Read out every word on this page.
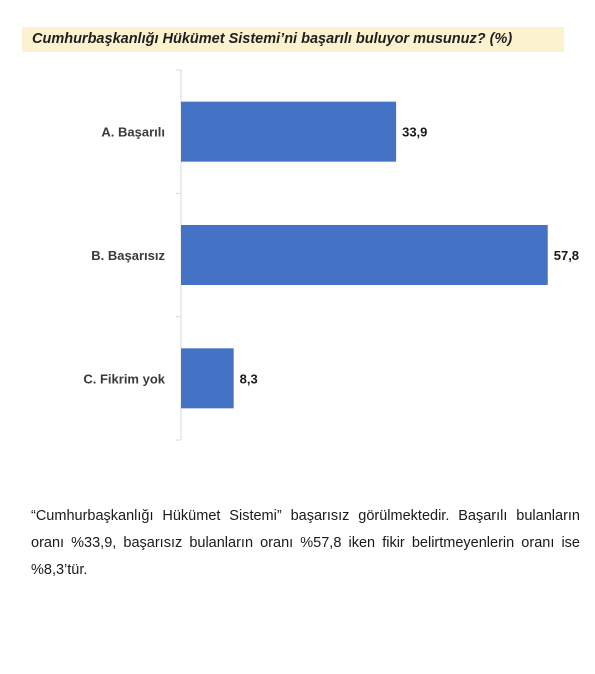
Cumhurbaşkanlığı Hükümet Sistemi’ni başarılı buluyor musunuz? (%)
A. Başarılı	33,9
B. Başarısız	57,8
C. Fikrim yok	8,3
“Cumhurbaşkanlığı Hükümet Sistemi” başarısız görülmektedir. Başarılı bulanların oranı %33,9, başarısız bulanların oranı %57,8 iken fikir belirtmeyenlerin oranı ise %8,3’tür.
